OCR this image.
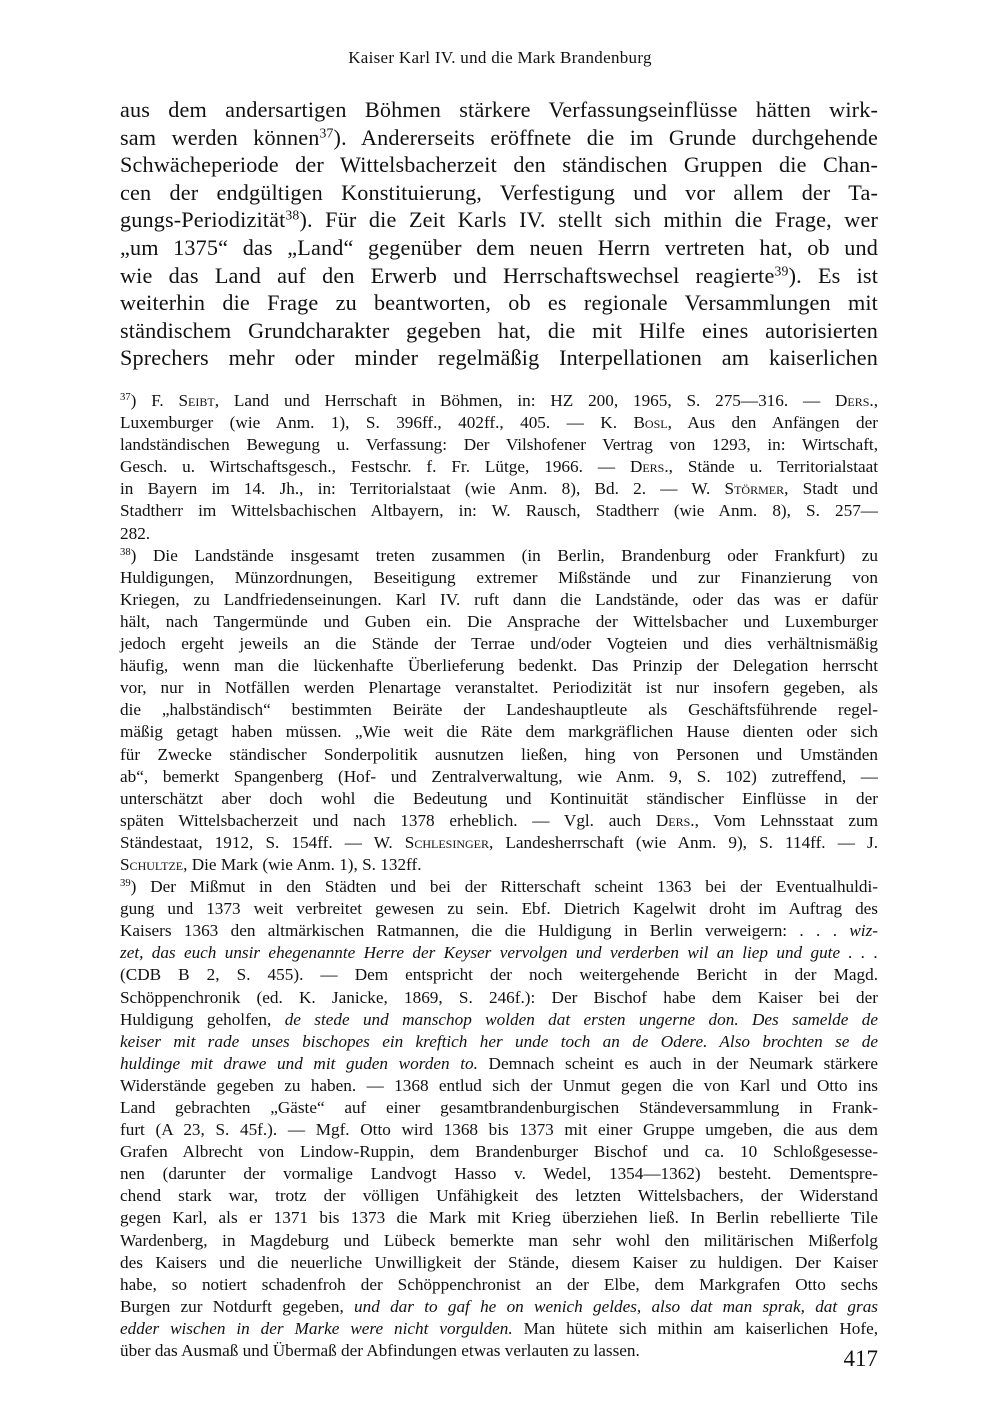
Kaiser Karl IV. und die Mark Brandenburg
aus dem andersartigen Böhmen stärkere Verfassungseinflüsse hätten wirk-
sam werden können$^{37}$). Andererseits eröffnete die im Grunde durchgehende
Schwächeperiode der Wittelsbacherzeit den ständischen Gruppen die Chan-
cen der endgültigen Konstituierung, Verfestigung und vor allem der Ta-
gungs-Periodizität$^{38}$). Für die Zeit Karls IV. stellt sich mithin die Frage, wer
„um 1375“ das „Land“ gegenüber dem neuen Herrn vertreten hat, ob und
wie das Land auf den Erwerb und Herrschaftswechsel reagierte$^{39}$). Es ist
weiterhin die Frage zu beantworten, ob es regionale Versammlungen mit
ständischem Grundcharakter gegeben hat, die mit Hilfe eines autorisierten
Sprechers mehr oder minder regelmäßig Interpellationen am kaiserlichen
$^{37}$) F. Seibt, Land und Herrschaft in Böhmen, in: HZ 200, 1965, S. 275—316. — Ders.,
Luxemburger (wie Anm. 1), S. 396ff., 402ff., 405. — K. Bosl, Aus den Anfängen der
landständischen Bewegung u. Verfassung: Der Vilshofener Vertrag von 1293, in: Wirtschaft,
Gesch. u. Wirtschaftsgesch., Festschr. f. Fr. Lütge, 1966. — Ders., Stände u. Territorialstaat
in Bayern im 14. Jh., in: Territorialstaat (wie Anm. 8), Bd. 2. — W. Störmer, Stadt und
Stadtherr im Wittelsbachischen Altbayern, in: W. Rausch, Stadtherr (wie Anm. 8), S. 257—
282.
$^{38}$) Die Landstände insgesamt treten zusammen (in Berlin, Brandenburg oder Frankfurt) zu
Huldigungen, Münzordnungen, Beseitigung extremer Mißstände und zur Finanzierung von
Kriegen, zu Landfriedenseinungen. Karl IV. ruft dann die Landstände, oder das was er dafür
hält, nach Tangermünde und Guben ein. Die Ansprache der Wittelsbacher und Luxemburger
jedoch ergeht jeweils an die Stände der Terrae und/oder Vogteien und dies verhältnismäßig
häufig, wenn man die lückenhafte Überlieferung bedenkt. Das Prinzip der Delegation herrscht
vor, nur in Notfällen werden Plenartage veranstaltet. Periodizität ist nur insofern gegeben, als
die „halbständisch“ bestimmten Beiräte der Landeshauptleute als Geschäftsführende regel-
mäßig getagt haben müssen. „Wie weit die Räte dem markgräflichen Hause dienten oder sich
für Zwecke ständischer Sonderpolitik ausnutzen ließen, hing von Personen und Umständen
ab“, bemerkt Spangenberg (Hof- und Zentralverwaltung, wie Anm. 9, S. 102) zutreffend, —
unterschätzt aber doch wohl die Bedeutung und Kontinuität ständischer Einflüsse in der
späten Wittelsbacherzeit und nach 1378 erheblich. — Vgl. auch Ders., Vom Lehnsstaat zum
Ständestaat, 1912, S. 154ff. — W. Schlesinger, Landesherrschaft (wie Anm. 9), S. 114ff. — J.
Schultze, Die Mark (wie Anm. 1), S. 132ff.
$^{39}$) Der Mißmut in den Städten und bei der Ritterschaft scheint 1363 bei der Eventualhuldi-
gung und 1373 weit verbreitet gewesen zu sein. Ebf. Dietrich Kagelwit droht im Auftrag des
Kaisers 1363 den altmärkischen Ratmannen, die die Huldigung in Berlin verweigern: . . . wiz-
zet, das euch unsir ehegenannte Herre der Keyser vervolgen und verderben wil an liep und gute . . .
(CDB B 2, S. 455). — Dem entspricht der noch weitergehende Bericht in der Magd.
Schöppenchronik (ed. K. Janicke, 1869, S. 246f.): Der Bischof habe dem Kaiser bei der
Huldigung geholfen, de stede und manschop wolden dat ersten ungerne don. Des samelde de
keiser mit rade unses bischopes ein kreftich her unde toch an de Odere. Also brochten se de
huldinge mit drawe und mit guden worden to. Demnach scheint es auch in der Neumark stärkere
Widerstände gegeben zu haben. — 1368 entlud sich der Unmut gegen die von Karl und Otto ins
Land gebrachten „Gäste“ auf einer gesamtbrandenburgischen Ständeversammlung in Frank-
furt (A 23, S. 45f.). — Mgf. Otto wird 1368 bis 1373 mit einer Gruppe umgeben, die aus dem
Grafen Albrecht von Lindow-Ruppin, dem Brandenburger Bischof und ca. 10 Schloßgesesse-
nen (darunter der vormalige Landvogt Hasso v. Wedel, 1354—1362) besteht. Dementspre-
chend stark war, trotz der völligen Unfähigkeit des letzten Wittelsbachers, der Widerstand
gegen Karl, als er 1371 bis 1373 die Mark mit Krieg überziehen ließ. In Berlin rebellierte Tile
Wardenberg, in Magdeburg und Lübeck bemerkte man sehr wohl den militärischen Mißerfolg
des Kaisers und die neuerliche Unwilligkeit der Stände, diesem Kaiser zu huldigen. Der Kaiser
habe, so notiert schadenfroh der Schöppenchronist an der Elbe, dem Markgrafen Otto sechs
Burgen zur Notdurft gegeben, und dar to gaf he on wenich geldes, also dat man sprak, dat gras
edder wischen in der Marke were nicht vorgulden. Man hütete sich mithin am kaiserlichen Hofe,
über das Ausmaß und Übermaß der Abfindungen etwas verlauten zu lassen.	417
